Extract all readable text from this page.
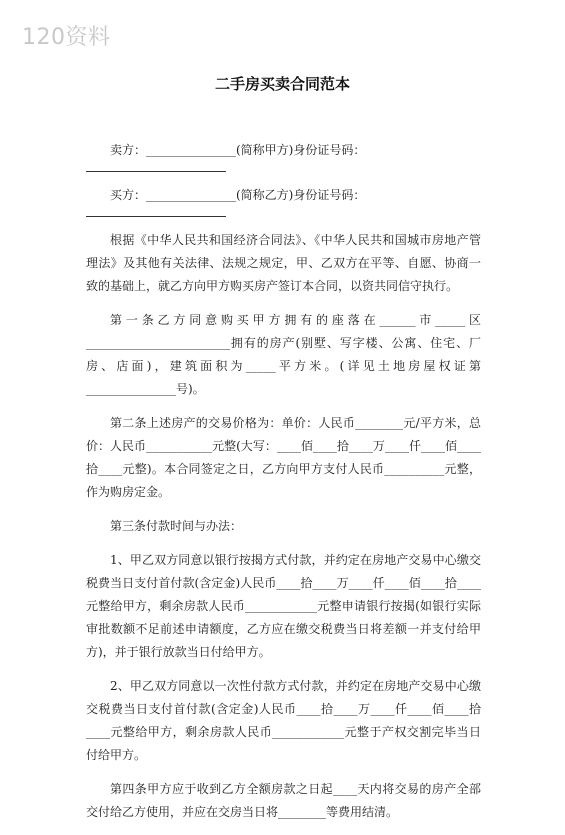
120资料
二手房买卖合同范本

卖方：_______________(简称甲方)身份证号码：

买方：_______________(简称乙方)身份证号码：

根据《中华人民共和国经济合同法》、《中华人民共和国城市房地产管理法》及其他有关法律、法规之规定，甲、乙双方在平等、自愿、协商一致的基础上，就乙方向甲方购买房产签订本合同，以资共同信守执行。

第一条乙方同意购买甲方拥有的座落在______市_____区________________________拥有的房产(别墅、写字楼、公寓、住宅、厂房、店面)，建筑面积为_____平方米。(详见土地房屋权证第_______________号)。

第二条上述房产的交易价格为：单价：人民币________元/平方米，总价：人民币___________元整(大写：____佰____拾____万____仟____佰____拾____元整)。本合同签定之日，乙方向甲方支付人民币__________元整，作为购房定金。

第三条付款时间与办法：

1、甲乙双方同意以银行按揭方式付款，并约定在房地产交易中心缴交税费当日支付首付款(含定金)人民币____拾____万____仟____佰____拾____元整给甲方，剩余房款人民币____________元整申请银行按揭(如银行实际审批数额不足前述申请额度，乙方应在缴交税费当日将差额一并支付给甲方)，并于银行放款当日付给甲方。

2、甲乙双方同意以一次性付款方式付款，并约定在房地产交易中心缴交税费当日支付首付款(含定金)人民币____拾____万____仟____佰____拾____元整给甲方，剩余房款人民币____________元整于产权交割完毕当日付给甲方。

第四条甲方应于收到乙方全额房款之日起____天内将交易的房产全部交付给乙方使用，并应在交房当日将________等费用结清。
